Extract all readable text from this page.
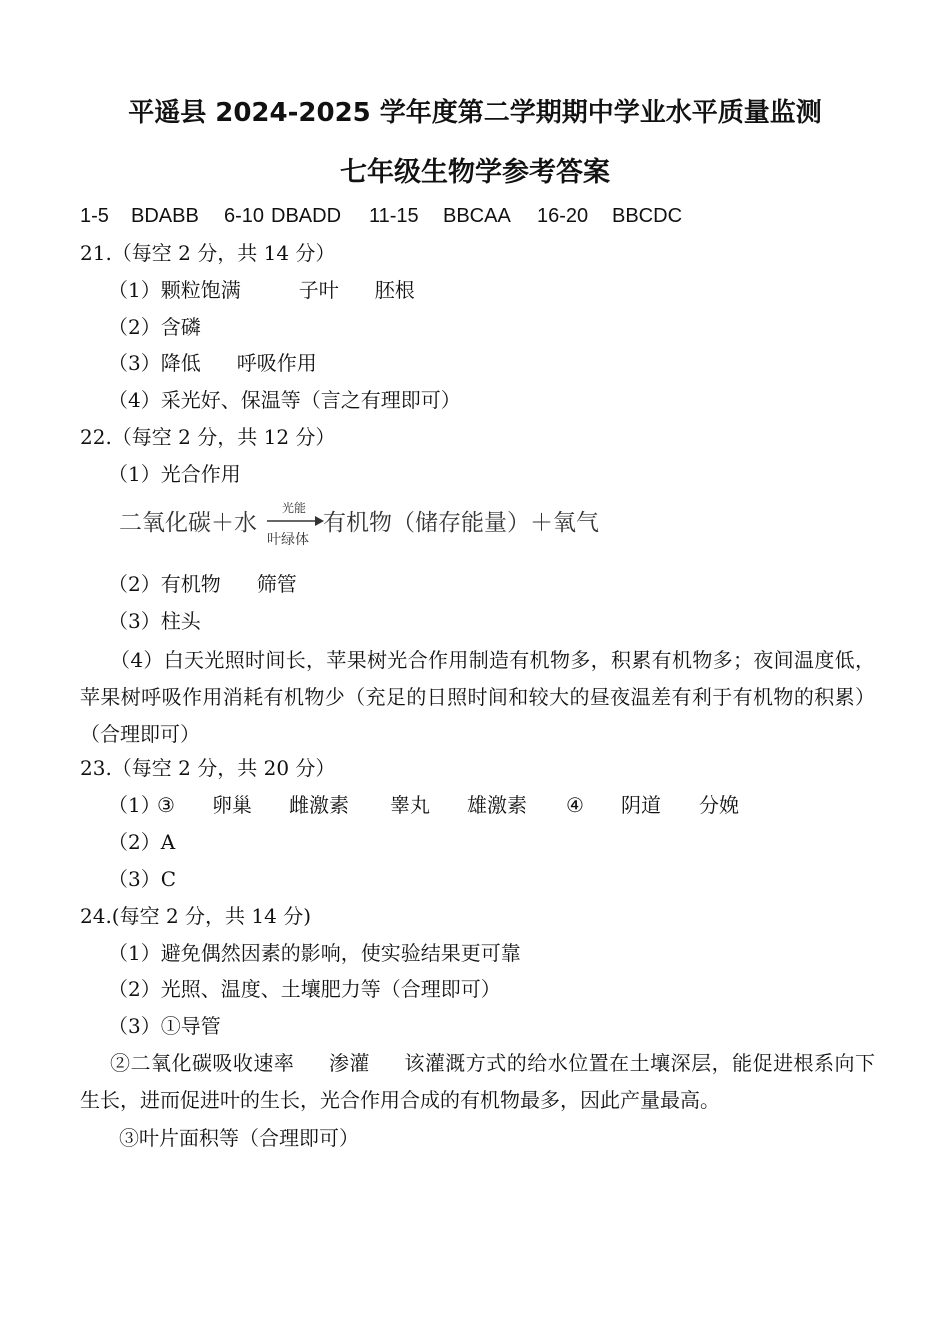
平遥县 2024-2025 学年度第二学期期中学业水平质量监测
七年级生物学参考答案
1-5 BDABB 6-10 DBADD 11-15 BBCAA 16-20 BBCDC
21.（每空 2 分，共 14 分）
（1）颗粒饱满	子叶 胚根
（2）含磷
（3）降低 呼吸作用
（4）采光好、保温等（言之有理即可）
22.（每空 2 分，共 12 分）
（1）光合作用
二氧化碳＋水
光能
叶绿体
有机物（储存能量）＋氧气
（2）有机物 筛管
（3）柱头
（4）白天光照时间长，苹果树光合作用制造有机物多，积累有机物多；夜间温度低，苹果树呼吸作用消耗有机物少（充足的日照时间和较大的昼夜温差有利于有机物的积累）（合理即可）
23.（每空 2 分，共 20 分）
（1）
③ 卵巢 雌激素 睾丸 雄激素 ④ 阴道 分娩
（2）A
（3）C
24.(每空 2 分，共 14 分)
（1）避免偶然因素的影响，使实验结果更可靠
（2）光照、温度、土壤肥力等（合理即可）
（3）①导管
②二氧化碳吸收速率 渗灌 该灌溉方式的给水位置在土壤深层，能促进根系向下生长，进而促进叶的生长，光合作用合成的有机物最多，因此产量最高。
③叶片面积等（合理即可）
